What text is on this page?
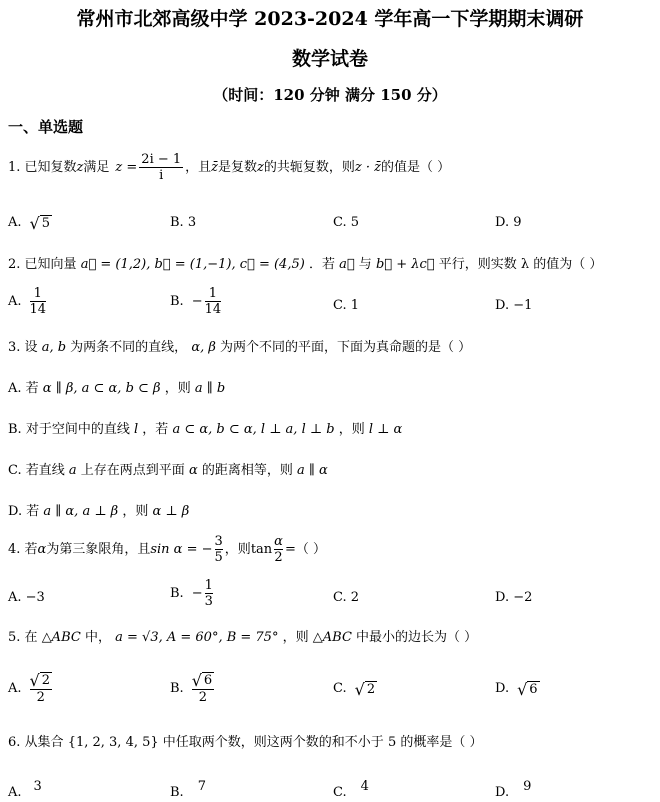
常州市北郊高级中学 2023-2024 学年高一下学期期末调研
数学试卷
（时间：120 分钟 满分 150 分）
一、单选题
1. 已知复数 z 满足 $z = \frac{2i - 1}{i}$ ，且 z̄ 是复数 z 的共轭复数，则 z · z̄ 的值是（ ）
A. √ 5	B. 3	C. 5	D. 9
2. 已知向量 a⃗ = (1,2), b⃗ = (1,−1), c⃗ = (4,5) ．若 a⃗ 与 b⃗ + λc⃗ 平行，则实数 λ 的值为（ ）
A. $\frac{1}{14}$	B. − $\frac{1}{14}$	C. 1	D. −1
3. 设 a, b 为两条不同的直线， α, β 为两个不同的平面，下面为真命题的是（ ）
A. 若 α ∥ β, a ⊂ α, b ⊂ β ，则 a ∥ b
B. 对于空间中的直线 l ，若 a ⊂ α, b ⊂ α, l ⊥ a, l ⊥ b ，则 l ⊥ α
C. 若直线 a 上存在两点到平面 α 的距离相等，则 a ∥ α
D. 若 a ∥ α, a ⊥ β ，则 α ⊥ β
4. 若 α 为第三象限角，且 sin α = − $\frac{3}{5}$ ，则 $\tan \frac{\alpha}{2}$ =（ ）
A. −3	B. − $\frac{1}{3}$	C. 2	D. −2
5. 在 △ABC 中， a = √3, A = 60°, B = 75° ，则 △ABC 中最小的边长为（ ）
A. $\frac{√ 2}{2}$	B. $\frac{√ 6}{2}$	C. √ 2	D. √ 6
6. 从集合 {1, 2, 3, 4, 5} 中任取两个数，则这两个数的和不小于 5 的概率是（ ）
A. 3	B. 7	C. 4	D. 9
